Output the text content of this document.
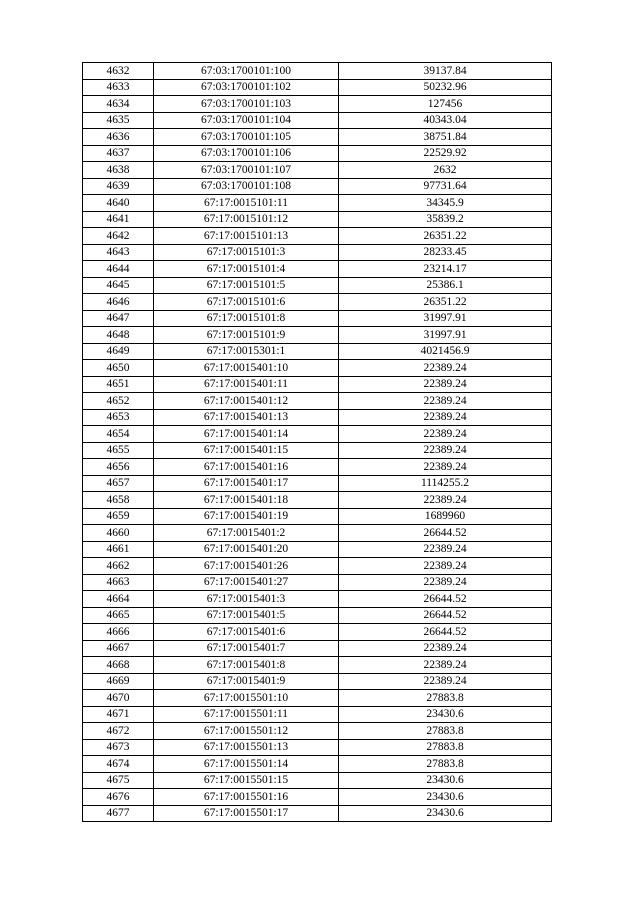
4632	67:03:1700101:100	39137.84
4633	67:03:1700101:102	50232.96
4634	67:03:1700101:103	127456
4635	67:03:1700101:104	40343.04
4636	67:03:1700101:105	38751.84
4637	67:03:1700101:106	22529.92
4638	67:03:1700101:107	2632
4639	67:03:1700101:108	97731.64
4640	67:17:0015101:11	34345.9
4641	67:17:0015101:12	35839.2
4642	67:17:0015101:13	26351.22
4643	67:17:0015101:3	28233.45
4644	67:17:0015101:4	23214.17
4645	67:17:0015101:5	25386.1
4646	67:17:0015101:6	26351.22
4647	67:17:0015101:8	31997.91
4648	67:17:0015101:9	31997.91
4649	67:17:0015301:1	4021456.9
4650	67:17:0015401:10	22389.24
4651	67:17:0015401:11	22389.24
4652	67:17:0015401:12	22389.24
4653	67:17:0015401:13	22389.24
4654	67:17:0015401:14	22389.24
4655	67:17:0015401:15	22389.24
4656	67:17:0015401:16	22389.24
4657	67:17:0015401:17	1114255.2
4658	67:17:0015401:18	22389.24
4659	67:17:0015401:19	1689960
4660	67:17:0015401:2	26644.52
4661	67:17:0015401:20	22389.24
4662	67:17:0015401:26	22389.24
4663	67:17:0015401:27	22389.24
4664	67:17:0015401:3	26644.52
4665	67:17:0015401:5	26644.52
4666	67:17:0015401:6	26644.52
4667	67:17:0015401:7	22389.24
4668	67:17:0015401:8	22389.24
4669	67:17:0015401:9	22389.24
4670	67:17:0015501:10	27883.8
4671	67:17:0015501:11	23430.6
4672	67:17:0015501:12	27883.8
4673	67:17:0015501:13	27883.8
4674	67:17:0015501:14	27883.8
4675	67:17:0015501:15	23430.6
4676	67:17:0015501:16	23430.6
4677	67:17:0015501:17	23430.6
